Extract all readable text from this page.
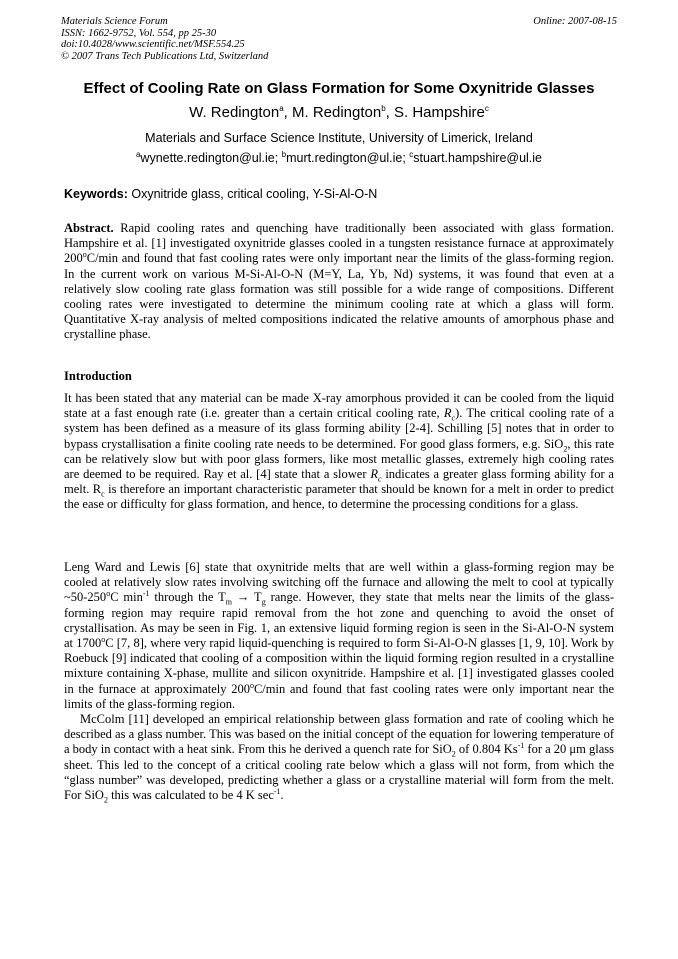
Materials Science Forum
ISSN: 1662-9752, Vol. 554, pp 25-30
doi:10.4028/www.scientific.net/MSF.554.25
© 2007 Trans Tech Publications Ltd, Switzerland
Online: 2007-08-15
Effect of Cooling Rate on Glass Formation for Some Oxynitride Glasses
W. Redington$^a$, M. Redington$^b$, S. Hampshire$^c$
Materials and Surface Science Institute, University of Limerick, Ireland
$^a$wynette.redington@ul.ie; $^b$murt.redington@ul.ie; $^c$stuart.hampshire@ul.ie
Keywords: Oxynitride glass, critical cooling, Y-Si-Al-O-N

Abstract. Rapid cooling rates and quenching have traditionally been associated with glass formation. Hampshire et al. [1] investigated oxynitride glasses cooled in a tungsten resistance furnace at approximately 200$^o$C/min and found that fast cooling rates were only important near the limits of the glass-forming region. In the current work on various M-Si-Al-O-N (M=Y, La, Yb, Nd) systems, it was found that even at a relatively slow cooling rate glass formation was still possible for a wide range of compositions. Different cooling rates were investigated to determine the minimum cooling rate at which a glass will form. Quantitative X-ray analysis of melted compositions indicated the relative amounts of amorphous phase and crystalline phase.

Introduction

It has been stated that any material can be made X-ray amorphous provided it can be cooled from the liquid state at a fast enough rate (i.e. greater than a certain critical cooling rate, $R_c$). The critical cooling rate of a system has been defined as a measure of its glass forming ability [2-4]. Schilling [5] notes that in order to bypass crystallisation a finite cooling rate needs to be determined. For good glass formers, e.g. SiO$_2$, this rate can be relatively slow but with poor glass formers, like most metallic glasses, extremely high cooling rates are deemed to be required. Ray et al. [4] state that a slower $R_c$ indicates a greater glass forming ability for a melt. $R_c$ is therefore an important characteristic parameter that should be known for a melt in order to predict the ease or difficulty for glass formation, and hence, to determine the processing conditions for a glass.

Leng Ward and Lewis [6] state that oxynitride melts that are well within a glass-forming region may be cooled at relatively slow rates involving switching off the furnace and allowing the melt to cool at typically ~50-250$^o$C $\min^{-1}$ through the $T_m \to T_g$ range. However, they state that melts near the limits of the glass-forming region may require rapid removal from the hot zone and quenching to avoid the onset of crystallisation. As may be seen in Fig. 1, an extensive liquid forming region is seen in the Si-Al-O-N system at 1700$^o$C [7, 8], where very rapid liquid-quenching is required to form Si-Al-O-N glasses [1, 9, 10]. Work by Roebuck [9] indicated that cooling of a composition within the liquid forming region resulted in a crystalline mixture containing X-phase, mullite and silicon oxynitride. Hampshire et al. [1] investigated glasses cooled in the furnace at approximately 200$^o$C/min and found that fast cooling rates were only important near the limits of the glass-forming region.

McColm [11] developed an empirical relationship between glass formation and rate of cooling which he described as a glass number. This was based on the initial concept of the equation for lowering temperature of a body in contact with a heat sink. From this he derived a quench rate for SiO$_2$ of 0.804 $Ks^{-1}$ for a 20 μm glass sheet. This led to the concept of a critical cooling rate below which a glass will not form, from which the “glass number” was developed, predicting whether a glass or a crystalline material will form from the melt. For SiO$_2$ this was calculated to be 4 K $\sec^{-1}$.
